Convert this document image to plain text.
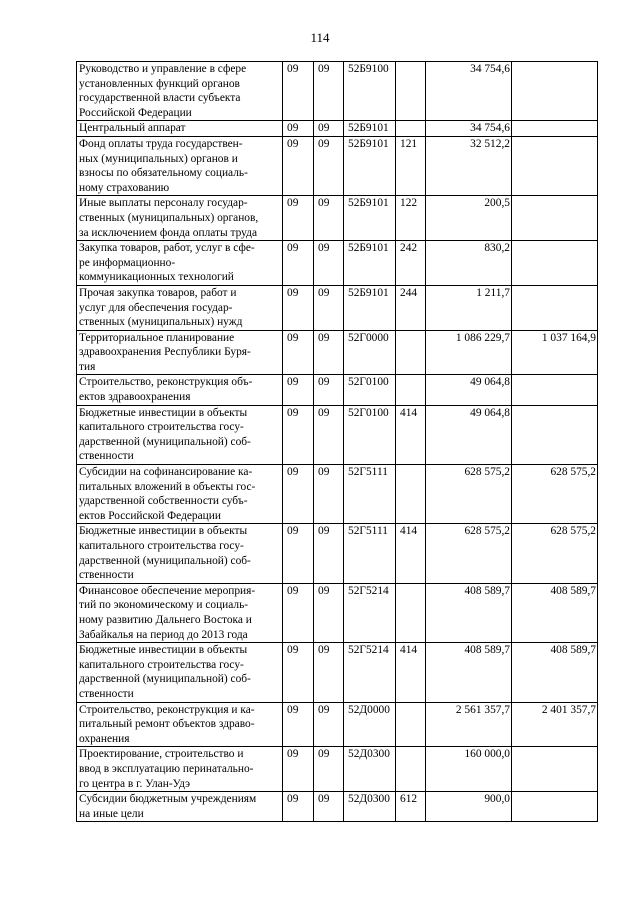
114
Руководство и управление в сфере
установленных функций органов
государственной власти субъекта
Российской Федерации	09	09	52Б9100		34 754,6	

Центральный аппарат	09	09	52Б9101		34 754,6	

Фонд оплаты труда государствен-
ных (муниципальных) органов и
взносы по обязательному социаль-
ному страхованию	09	09	52Б9101	121	32 512,2	

Иные выплаты персоналу государ-
ственных (муниципальных) органов,
за исключением фонда оплаты труда	09	09	52Б9101	122	200,5	

Закупка товаров, работ, услуг в сфе-
ре информационно-
коммуникационных технологий	09	09	52Б9101	242	830,2	

Прочая закупка товаров, работ и
услуг для обеспечения государ-
ственных (муниципальных) нужд	09	09	52Б9101	244	1 211,7	

Территориальное планирование
здравоохранения Республики Буря-
тия	09	09	52Г0000		1 086 229,7	1 037 164,9

Строительство, реконструкция объ-
ектов здравоохранения	09	09	52Г0100		49 064,8	

Бюджетные инвестиции в объекты
капитального строительства госу-
дарственной (муниципальной) соб-
ственности	09	09	52Г0100	414	49 064,8	

Субсидии на софинансирование ка-
питальных вложений в объекты гос-
ударственной собственности субъ-
ектов Российской Федерации	09	09	52Г5111		628 575,2	628 575,2

Бюджетные инвестиции в объекты
капитального строительства госу-
дарственной (муниципальной) соб-
ственности	09	09	52Г5111	414	628 575,2	628 575,2

Финансовое обеспечение мероприя-
тий по экономическому и социаль-
ному развитию Дальнего Востока и
Забайкалья на период до 2013 года	09	09	52Г5214		408 589,7	408 589,7

Бюджетные инвестиции в объекты
капитального строительства госу-
дарственной (муниципальной) соб-
ственности	09	09	52Г5214	414	408 589,7	408 589,7

Строительство, реконструкция и ка-
питальный ремонт объектов здраво-
охранения	09	09	52Д0000		2 561 357,7	2 401 357,7

Проектирование, строительство и
ввод в эксплуатацию перинатально-
го центра в г. Улан-Удэ	09	09	52Д0300		160 000,0	

Субсидии бюджетным учреждениям
на иные цели	09	09	52Д0300	612	900,0	
